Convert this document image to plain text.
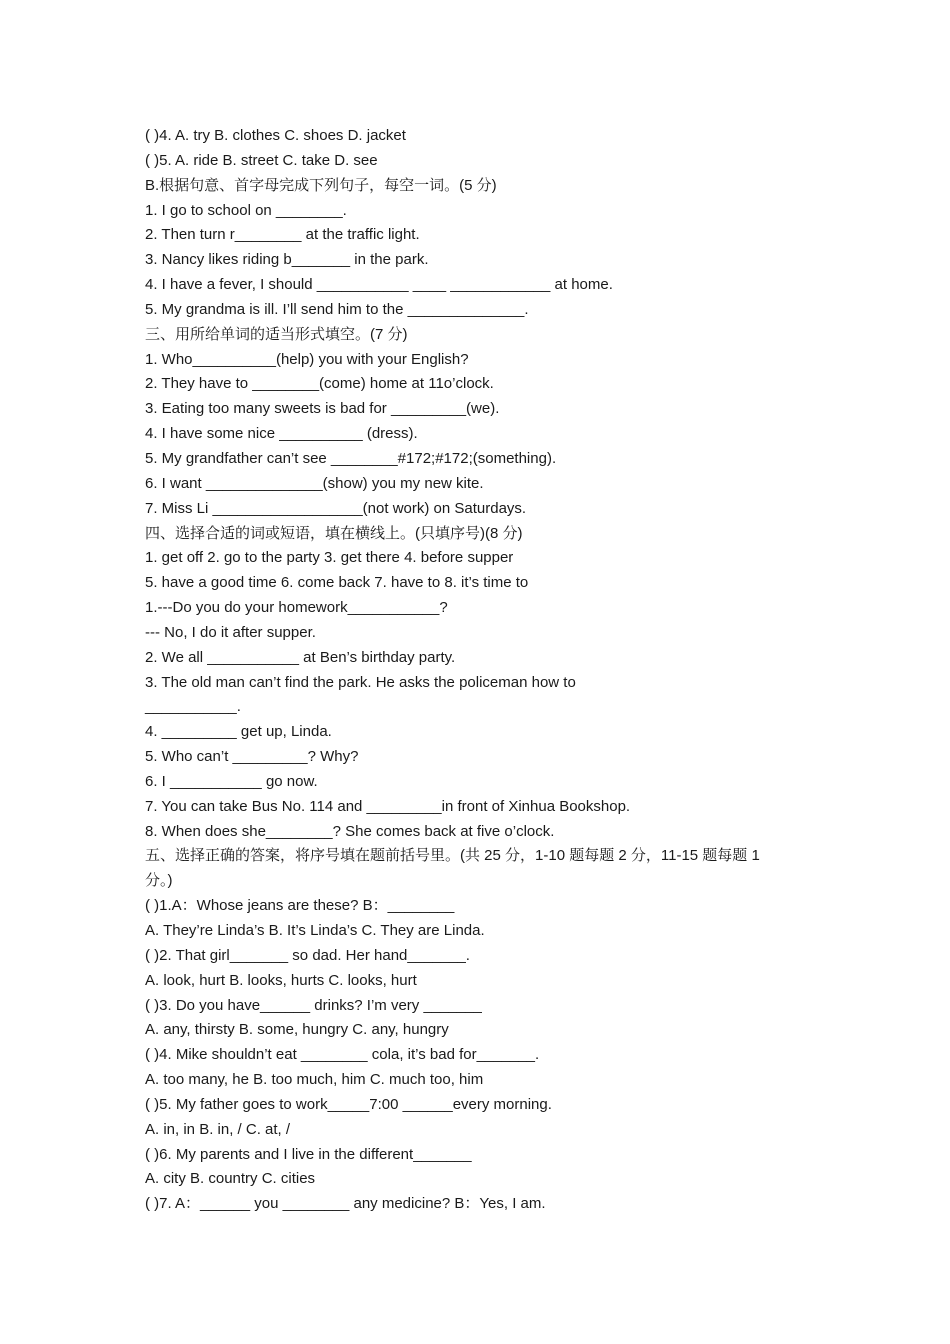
( )4. A. try B. clothes C. shoes D. jacket
( )5. A. ride B. street C. take D. see
B.根据句意、首字母完成下列句子，每空一词。(5 分)
1. I go to school on ________.
2. Then turn r________ at the traffic light.
3. Nancy likes riding b_______ in the park.
4. I have a fever, I should ___________ ____ ____________ at home.
5. My grandma is ill. I’ll send him to the ______________.
三、用所给单词的适当形式填空。(7 分)
1. Who__________(help) you with your English?
2. They have to ________(come) home at 11o’clock.
3. Eating too many sweets is bad for _________(we).
4. I have some nice __________ (dress).
5. My grandfather can’t see ________#172;#172;(something).
6. I want ______________(show) you my new kite.
7. Miss Li __________________(not work) on Saturdays.
四、选择合适的词或短语，填在横线上。(只填序号)(8 分)
1. get off 2. go to the party 3. get there 4. before supper
5. have a good time 6. come back 7. have to 8. it’s time to
1.---Do you do your homework___________?
--- No, I do it after supper.
2. We all ___________ at Ben’s birthday party.
3. The old man can’t find the park. He asks the policeman how to
___________.
4. _________ get up, Linda.
5. Who can’t _________? Why?
6. I ___________ go now.
7. You can take Bus No. 114 and _________in front of Xinhua Bookshop.
8. When does she________? She comes back at five o’clock.
五、选择正确的答案，将序号填在题前括号里。(共 25 分，1-10 题每题 2 分，11-15 题每题 1
分。)
( )1.A：Whose jeans are these? B：________
A. They’re Linda’s B. It’s Linda’s C. They are Linda.
( )2. That girl_______ so dad. Her hand_______.
A. look, hurt B. looks, hurts C. looks, hurt
( )3. Do you have______ drinks? I’m very _______
A. any, thirsty B. some, hungry C. any, hungry
( )4. Mike shouldn’t eat ________ cola, it’s bad for_______.
A. too many, he B. too much, him C. much too, him
( )5. My father goes to work_____7:00 ______every morning.
A. in, in B. in, / C. at, /
( )6. My parents and I live in the different_______
A. city B. country C. cities
( )7. A：______ you ________ any medicine? B：Yes, I am.
